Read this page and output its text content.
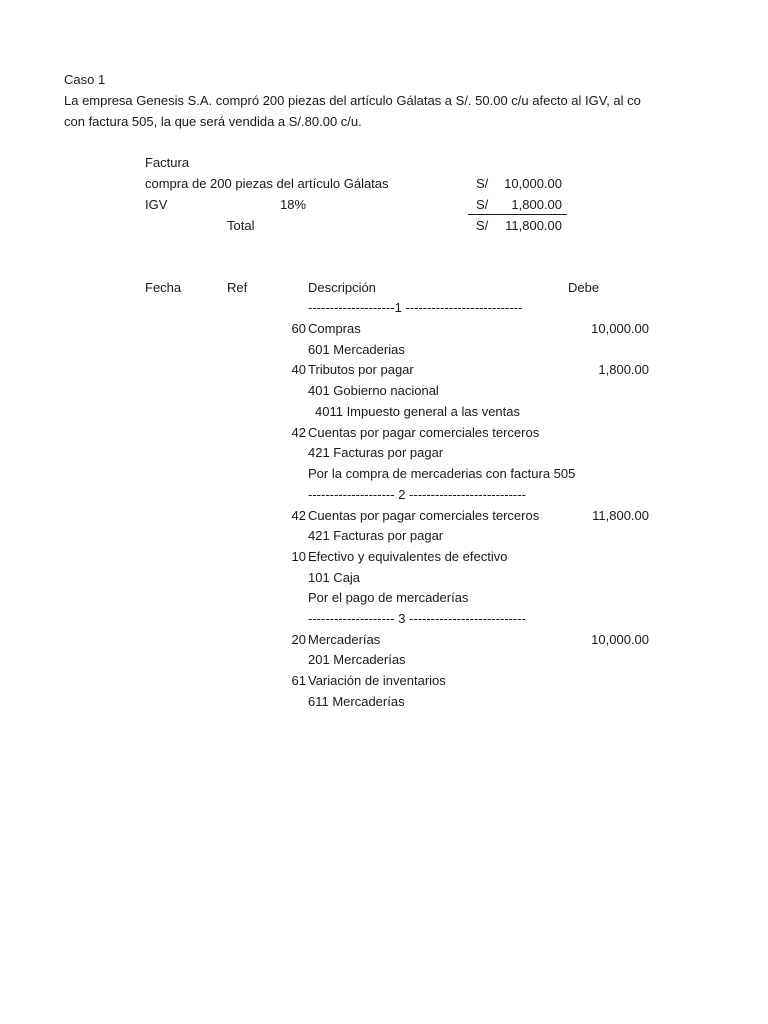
Caso 1
La empresa Genesis S.A. compró 200 piezas del artículo Gálatas a S/. 50.00 c/u afecto al IGV, al co
con factura 505, la que será vendida a S/.80.00 c/u.
Factura
compra de 200 piezas del artículo Gálatas	S/	10,000.00
IGV	18%	S/	1,800.00
Total	S/	11,800.00
Fecha	Ref	Descripción	Debe
--------------------1 ---------------------------
60 Compras	10,000.00
601 Mercaderias
40 Tributos por pagar	1,800.00
401 Gobierno nacional
4011 Impuesto general a las ventas
42 Cuentas por pagar comerciales terceros
421 Facturas por pagar
Por la compra de mercaderias con factura 505
-------------------- 2 ---------------------------
42 Cuentas por pagar comerciales terceros	11,800.00
421 Facturas por pagar
10 Efectivo y equivalentes de efectivo
101 Caja
Por el pago de mercaderías
-------------------- 3 ---------------------------
20 Mercaderías	10,000.00
201 Mercaderías
61 Variación de inventarios
611 Mercaderías
